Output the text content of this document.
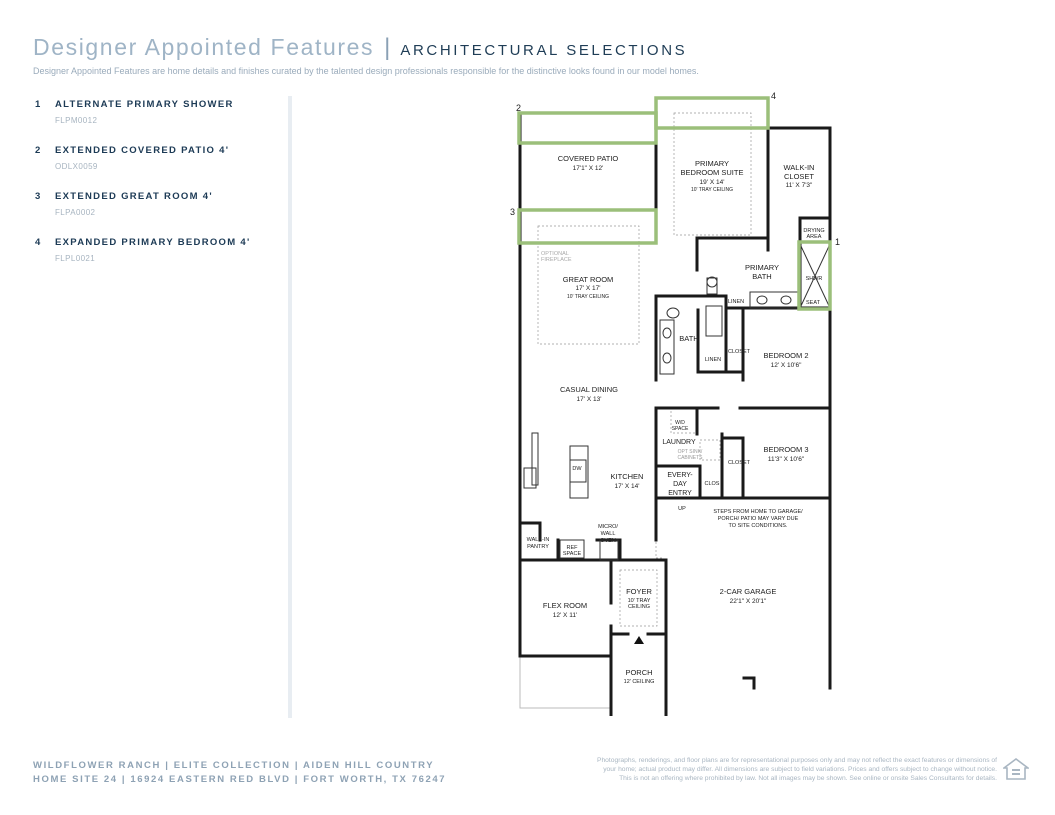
Designer Appointed Features | ARCHITECTURAL SELECTIONS
Designer Appointed Features are home details and finishes curated by the talented design professionals responsible for the distinctive looks found in our model homes.
1	ALTERNATE PRIMARY SHOWER
FLPM0012
2	EXTENDED COVERED PATIO 4'
ODLX0059
3	EXTENDED GREAT ROOM 4'
FLPA0002
4	EXPANDED PRIMARY BEDROOM 4'
FLPL0021
1
2
3
4
COVERED PATIO
17'1" X 12'
PRIMARY
BEDROOM SUITE
19' X 14'
10' TRAY CEILING
WALK-IN
CLOSET
11' X 7'3"
DRYING
AREA
PRIMARY
BATH	SHWR
SEAT
LINEN
GREAT ROOM
17' X 17'
10' TRAY CEILING
BATH
LINEN
CLOSET BEDROOM 2
12' X 10'6"
CASUAL DINING
17' X 13'
W/D
SPACE
LAUNDRY
OPT SINK/
CABINETS
CLOSET
BEDROOM 3
11'3" X 10'6"
DW
KITCHEN
17' X 14'
EVERY-
DAY
ENTRY
CLOS
UP	STEPS FROM HOME TO GARAGE/
PORCH/ PATIO MAY VARY DUE
TO SITE CONDITIONS.
WALK-IN
PANTRY	REF
SPACE
MICRO/
WALL
OVEN
2-CAR GARAGE
22'1" X 20'1"
FLEX ROOM
12' X 11'
FOYER
10' TRAY
CEILING
PORCH
12' CEILING
OPTIONAL
FIREPLACE
WILDFLOWER RANCH | ELITE COLLECTION | AIDEN HILL COUNTRY
HOME SITE 24 | 16924 EASTERN RED BLVD | FORT WORTH, TX 76247
Photographs, renderings, and floor plans are for representational purposes only and may not reflect the exact features or dimensions of
your home; actual product may differ. All dimensions are subject to field variations. Prices and offers subject to change without notice.
This is not an offering where prohibited by law. Not all images may be shown. See online or onsite Sales Consultants for details.
